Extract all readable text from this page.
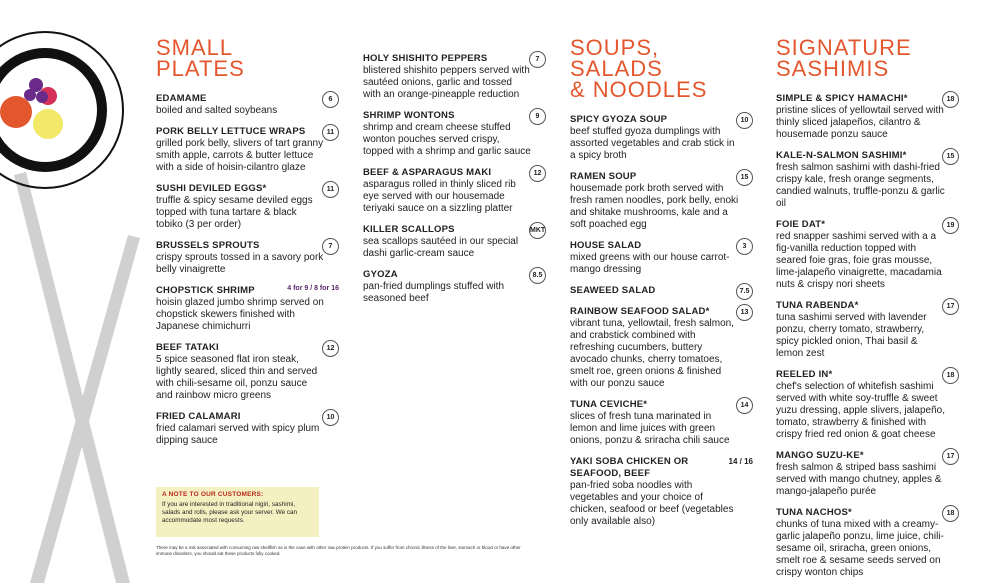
SMALL
PLATES
EDAMAME
boiled and salted soybeans
6
PORK BELLY LETTUCE WRAPS
grilled pork belly, slivers of tart granny smith apple, carrots & butter lettuce with a side of hoisin-cilantro glaze
11
SUSHI DEVILED EGGS*
truffle & spicy sesame deviled eggs topped with tuna tartare & black tobiko (3 per order)
11
BRUSSELS SPROUTS
crispy sprouts tossed in a savory pork belly vinaigrette
7
CHOPSTICK SHRIMP
hoisin glazed jumbo shrimp served on chopstick skewers finished with Japanese chimichurri
4 for 9 / 8 for 16
BEEF TATAKI
5 spice seasoned flat iron steak, lightly seared, sliced thin and served with chili-sesame oil, ponzu sauce and rainbow micro greens
12
FRIED CALAMARI
fried calamari served with spicy plum dipping sauce
10
HOLY SHISHITO PEPPERS
blistered shishito peppers served with sautéed onions, garlic and tossed with an orange-pineapple reduction
7
SHRIMP WONTONS
shrimp and cream cheese stuffed wonton pouches served crispy, topped with a shrimp and garlic sauce
9
BEEF & ASPARAGUS MAKI
asparagus rolled in thinly sliced rib eye served with our housemade teriyaki sauce on a sizzling platter
12
KILLER SCALLOPS
sea scallops sautéed in our special dashi garlic-cream sauce
MKT
GYOZA
pan-fried dumplings stuffed with seasoned beef
8.5
A NOTE TO OUR CUSTOMERS:
If you are interested in traditional nigiri, sashimi, salads and rolls, please ask your server. We can accommodate most requests.
There may be a risk associated with consuming raw shellfish as is the case with other raw protein products. If you suffer from chronic illness of the liver, stomach or blood or have other immune disorders, you should eat these products fully cooked.
SOUPS, SALADS
& NOODLES
SPICY GYOZA SOUP
beef stuffed gyoza dumplings with assorted vegetables and crab stick in a spicy broth
10
RAMEN SOUP
housemade pork broth served with fresh ramen noodles, pork belly, enoki and shitake mushrooms, kale and a soft poached egg
15
HOUSE SALAD
mixed greens with our house carrot-mango dressing
3
SEAWEED SALAD	7.5
RAINBOW SEAFOOD SALAD*
vibrant tuna, yellowtail, fresh salmon, and crabstick combined with refreshing cucumbers, buttery avocado chunks, cherry tomatoes, smelt roe, green onions & finished with our ponzu sauce
13
TUNA CEVICHE*
slices of fresh tuna marinated in lemon and lime juices with green onions, ponzu & sriracha chili sauce
14
YAKI SOBA CHICKEN OR SEAFOOD, BEEF
pan-fried soba noodles with vegetables and your choice of chicken, seafood or beef (vegetables only available also)
14 / 16
SIGNATURE
SASHIMIS
SIMPLE & SPICY HAMACHI*
pristine slices of yellowtail served with thinly sliced jalapeños, cilantro & housemade ponzu sauce
18
KALE-N-SALMON SASHIMI*
fresh salmon sashimi with dashi-fried crispy kale, fresh orange segments, candied walnuts, truffle-ponzu & garlic oil
15
FOIE DAT*
red snapper sashimi served with a a fig-vanilla reduction topped with seared foie gras, foie gras mousse, lime-jalapeño vinaigrette, macadamia nuts & crispy nori sheets
19
TUNA RABENDA*
tuna sashimi served with lavender ponzu, cherry tomato, strawberry, spicy pickled onion, Thai basil & lemon zest
17
REELED IN*
chef's selection of whitefish sashimi served with white soy-truffle & sweet yuzu dressing, apple slivers, jalapeño, tomato, strawberry & finished with crispy fried red onion & goat cheese
18
MANGO SUZU-KE*
fresh salmon & striped bass sashimi served with mango chutney, apples & mango-jalapeño purée
17
TUNA NACHOS*
chunks of tuna mixed with a creamy-garlic jalapeño ponzu, lime juice, chili-sesame oil, sriracha, green onions, smelt roe & sesame seeds served on crispy wonton chips
18
